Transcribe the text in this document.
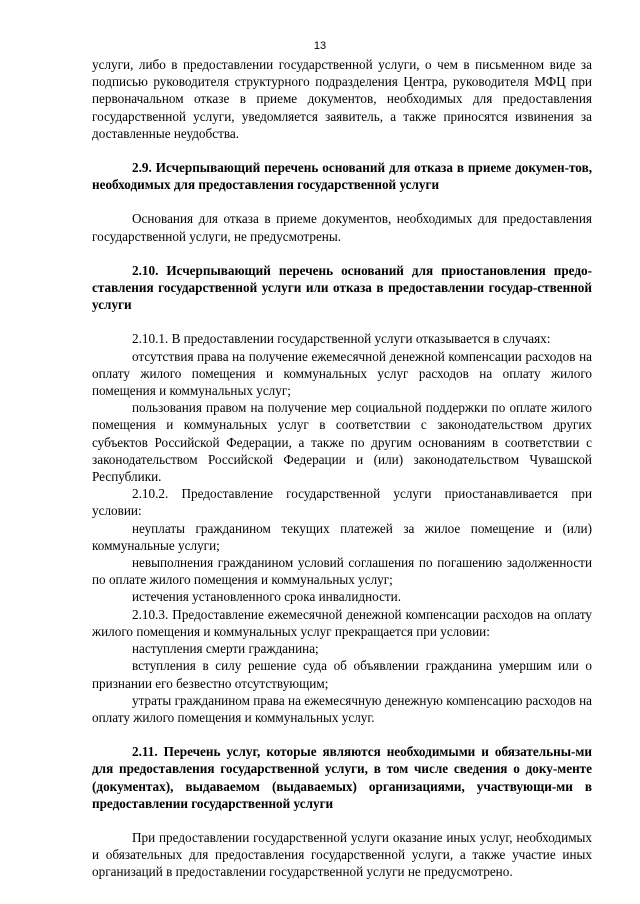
13

услуги, либо в предоставлении государственной услуги, о чем в письменном виде за подписью руководителя структурного подразделения Центра, руководителя МФЦ при первоначальном отказе в приеме документов, необходимых для предоставления государственной услуги, уведомляется заявитель, а также приносятся извинения за доставленные неудобства.

2.9. Исчерпывающий перечень оснований для отказа в приеме докумен-тов, необходимых для предоставления государственной услуги

Основания для отказа в приеме документов, необходимых для предоставления государственной услуги, не предусмотрены.

2.10. Исчерпывающий перечень оснований для приостановления предо-ставления государственной услуги или отказа в предоставлении государ-ственной услуги

2.10.1. В предоставлении государственной услуги отказывается в случаях:

отсутствия права на получение ежемесячной денежной компенсации расходов на оплату жилого помещения и коммунальных услуг расходов на оплату жилого помещения и коммунальных услуг;

пользования правом на получение мер социальной поддержки по оплате жилого помещения и коммунальных услуг в соответствии с законодательством других субъектов Российской Федерации, а также по другим основаниям в соответствии с законодательством Российской Федерации и (или) законодательством Чувашской Республики.

2.10.2. Предоставление государственной услуги приостанавливается при условии:

неуплаты гражданином текущих платежей за жилое помещение и (или) коммунальные услуги;

невыполнения гражданином условий соглашения по погашению задолженности по оплате жилого помещения и коммунальных услуг;

истечения установленного срока инвалидности.

2.10.3. Предоставление ежемесячной денежной компенсации расходов на оплату жилого помещения и коммунальных услуг прекращается при условии:

наступления смерти гражданина;

вступления в силу решение суда об объявлении гражданина умершим или о признании его безвестно отсутствующим;

утраты гражданином права на ежемесячную денежную компенсацию расходов на оплату жилого помещения и коммунальных услуг.

2.11. Перечень услуг, которые являются необходимыми и обязательны-ми для предоставления государственной услуги, в том числе сведения о доку-менте (документах), выдаваемом (выдаваемых) организациями, участвующи-ми в предоставлении государственной услуги

При предоставлении государственной услуги оказание иных услуг, необходимых и обязательных для предоставления государственной услуги, а также участие иных организаций в предоставлении государственной услуги не предусмотрено.
